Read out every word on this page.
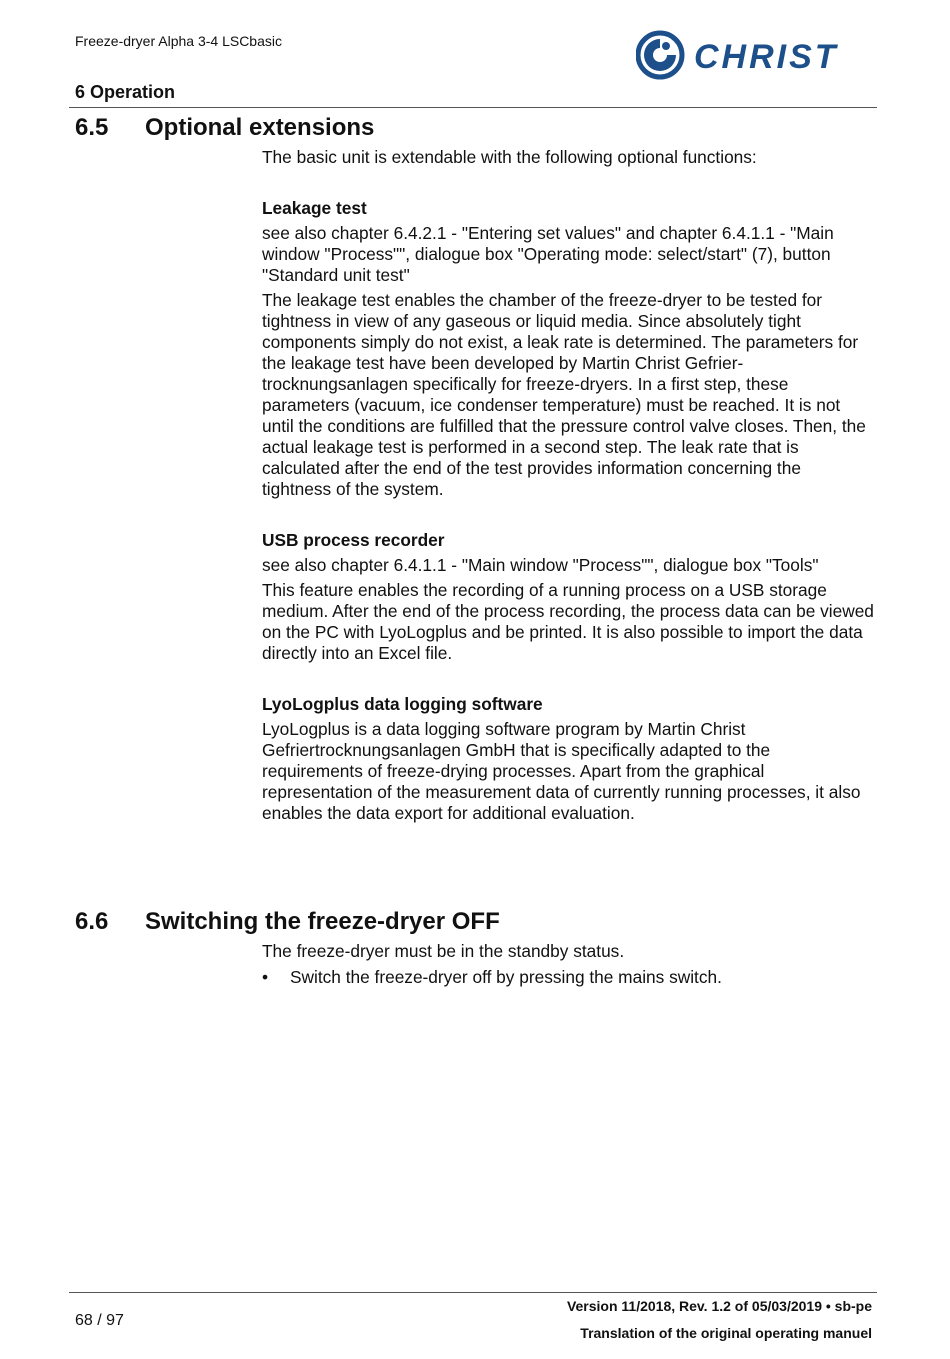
Freeze-dryer Alpha 3-4 LSCbasic	CHRIST
6 Operation
6.5 Optional extensions

The basic unit is extendable with the following optional functions:

Leakage test

see also chapter 6.4.2.1 - "Entering set values" and chapter 6.4.1.1 - "Main window "Process"", dialogue box "Operating mode: select/start" (7), button "Standard unit test"

The leakage test enables the chamber of the freeze-dryer to be tested for tightness in view of any gaseous or liquid media. Since absolutely tight components simply do not exist, a leak rate is determined. The parameters for the leakage test have been developed by Martin Christ Gefrier-trocknungsanlagen specifically for freeze-dryers. In a first step, these parameters (vacuum, ice condenser temperature) must be reached. It is not until the conditions are fulfilled that the pressure control valve closes. Then, the actual leakage test is performed in a second step. The leak rate that is calculated after the end of the test provides information concerning the tightness of the system.

USB process recorder

see also chapter 6.4.1.1 - "Main window "Process"", dialogue box "Tools"

This feature enables the recording of a running process on a USB storage medium. After the end of the process recording, the process data can be viewed on the PC with LyoLogplus and be printed. It is also possible to import the data directly into an Excel file.

LyoLogplus data logging software

LyoLogplus is a data logging software program by Martin Christ Gefriertrocknungsanlagen GmbH that is specifically adapted to the requirements of freeze-drying processes. Apart from the graphical representation of the measurement data of currently running processes, it also enables the data export for additional evaluation.

6.6 Switching the freeze-dryer OFF

The freeze-dryer must be in the standby status.

• Switch the freeze-dryer off by pressing the mains switch.
68 / 97
Version 11/2018, Rev. 1.2 of 05/03/2019 • sb-pe
Translation of the original operating manuel
